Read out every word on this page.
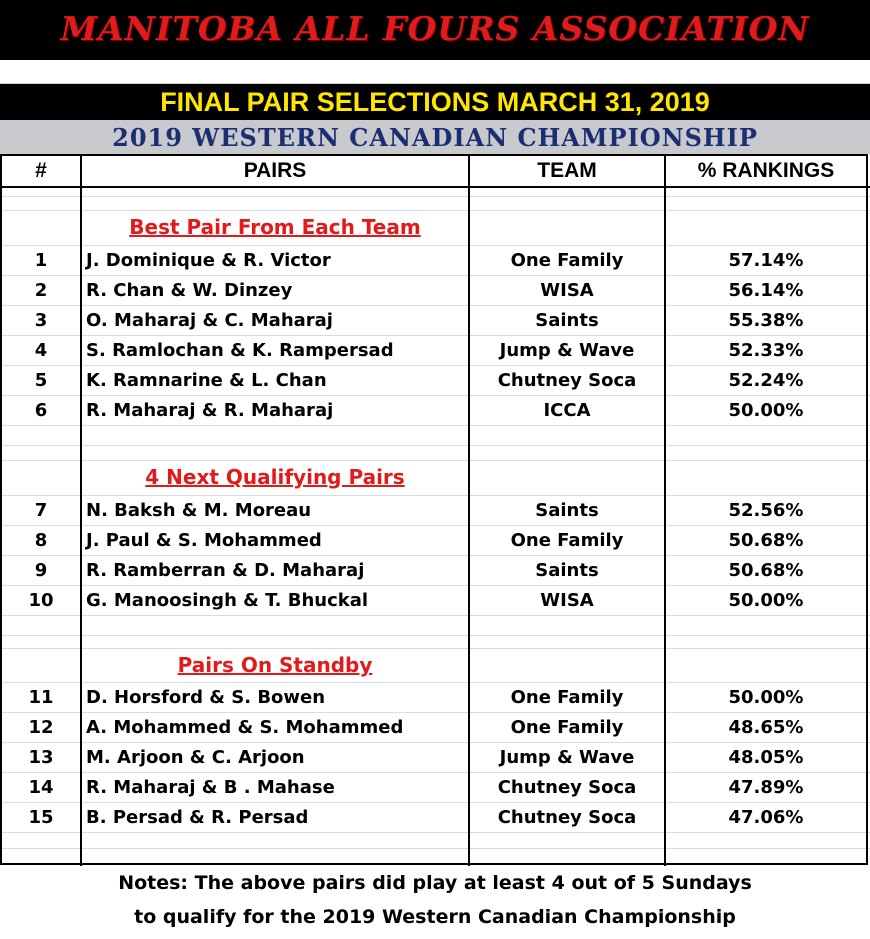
MANITOBA ALL FOURS ASSOCIATION
FINAL PAIR SELECTIONS MARCH 31, 2019
2019 WESTERN CANADIAN CHAMPIONSHIP
#	PAIRS	TEAM	% RANKINGS
Best Pair From Each Team
1	J. Dominique & R. Victor	One Family	57.14%
2	R. Chan & W. Dinzey	WISA	56.14%
3	O. Maharaj & C. Maharaj	Saints	55.38%
4	S. Ramlochan & K. Rampersad	Jump & Wave	52.33%
5	K. Ramnarine & L. Chan	Chutney Soca	52.24%
6	R. Maharaj & R. Maharaj	ICCA	50.00%
4 Next Qualifying Pairs
7	N. Baksh & M. Moreau	Saints	52.56%
8	J. Paul & S. Mohammed	One Family	50.68%
9	R. Ramberran & D. Maharaj	Saints	50.68%
10	G. Manoosingh & T. Bhuckal	WISA	50.00%
Pairs On Standby
11	D. Horsford & S. Bowen	One Family	50.00%
12	A. Mohammed & S. Mohammed	One Family	48.65%
13	M. Arjoon & C. Arjoon	Jump & Wave	48.05%
14	R. Maharaj & B . Mahase	Chutney Soca	47.89%
15	B. Persad & R. Persad	Chutney Soca	47.06%
Notes: The above pairs did play at least 4 out of 5 Sundays
to qualify for the 2019 Western Canadian Championship
